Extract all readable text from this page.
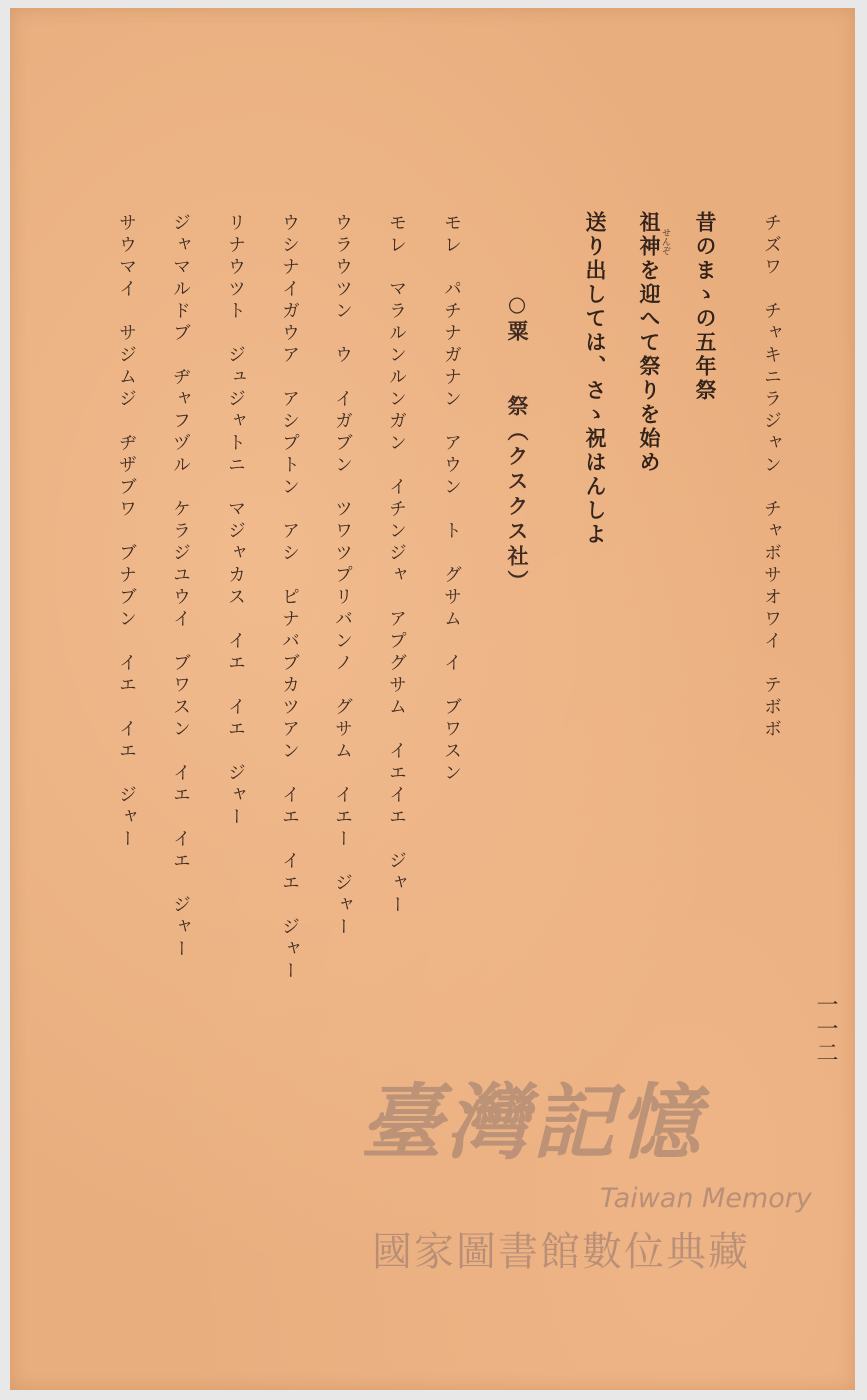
チズワ　チャキニラジャン　チャボサオワイ　テボボ
昔のまゝの五年祭
せんぞ
祖神を迎へて祭りを始め
送り出しては、さゝ祝はんしよ
○粟　　祭（クスクス社）
モレ　パチナガナン　アウン　ト　グサム　イ　ブワスン
モレ　マラルンルンガン　イチンジャ　アプグサム　イエイエ　ジャー
ウラウツン　ウ　イガブン　ツワツプリバンノ　グサム　イエー　ジャー
ウシナイガウア　アシプトン　アシ　ピナバブカツアン　イエ　イエ　ジャー
リナウツト　ジュジャトニ　マジャカス　イエ　イエ　ジャー
ジャマルドブ　ヂャフヅル　ケラジユウイ　ブワスン　イエ　イエ　ジャー
サウマイ　サジムジ　ヂザブワ　ブナブン　イエ　イエ　ジャー
一一二
臺灣記憶
Taiwan Memory
國家圖書館數位典藏
